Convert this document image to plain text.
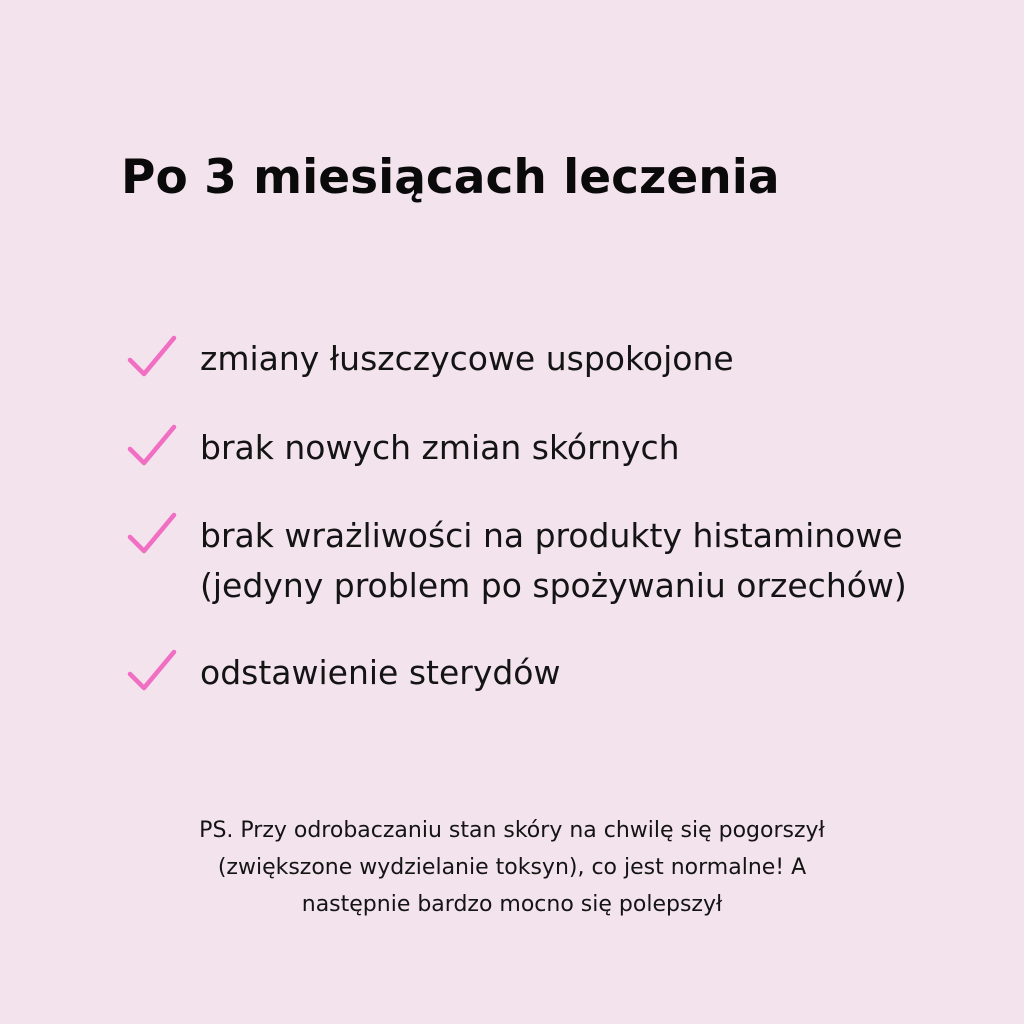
Po 3 miesiącach leczenia
zmiany łuszczycowe uspokojone
brak nowych zmian skórnych
brak wrażliwości na produkty histaminowe
(jedyny problem po spożywaniu orzechów)
odstawienie sterydów

PS. Przy odrobaczaniu stan skóry na chwilę się pogorszył
(zwiększone wydzielanie toksyn), co jest normalne! A
następnie bardzo mocno się polepszył
